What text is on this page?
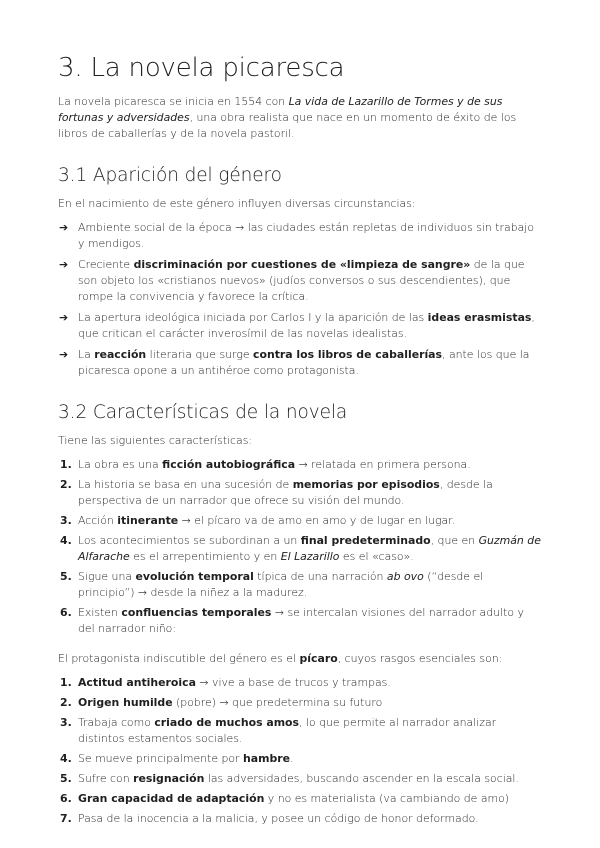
3. La novela picaresca

La novela picaresca se inicia en 1554 con La vida de Lazarillo de Tormes y de sus fortunas y adversidades, una obra realista que nace en un momento de éxito de los libros de caballerías y de la novela pastoril.

3.1 Aparición del género

En el nacimiento de este género influyen diversas circunstancias:

➔ Ambiente social de la época → las ciudades están repletas de individuos sin trabajo y mendigos.
➔ Creciente discriminación por cuestiones de «limpieza de sangre» de la que son objeto los «cristianos nuevos» (judíos conversos o sus descendientes), que rompe la convivencia y favorece la crítica.
➔ La apertura ideológica iniciada por Carlos I y la aparición de las ideas erasmistas, que critican el carácter inverosímil de las novelas idealistas.
➔ La reacción literaria que surge contra los libros de caballerías, ante los que la picaresca opone a un antihéroe como protagonista.
3.2 Características de la novela

Tiene las siguientes características:

1. La obra es una ficción autobiográfica → relatada en primera persona.
2. La historia se basa en una sucesión de memorias por episodios, desde la perspectiva de un narrador que ofrece su visión del mundo.
3. Acción itinerante → el pícaro va de amo en amo y de lugar en lugar.
4. Los acontecimientos se subordinan a un final predeterminado, que en Guzmán de Alfarache es el arrepentimiento y en El Lazarillo es el «caso».
5. Sigue una evolución temporal típica de una narración ab ovo (“desde el principio”) → desde la niñez a la madurez.
6. Existen confluencias temporales → se intercalan visiones del narrador adulto y del narrador niño:

El protagonista indiscutible del género es el pícaro, cuyos rasgos esenciales son:

1. Actitud antiheroica → vive a base de trucos y trampas.
2. Origen humilde (pobre) → que predetermina su futuro
3. Trabaja como criado de muchos amos, lo que permite al narrador analizar distintos estamentos sociales.
4. Se mueve principalmente por hambre.
5. Sufre con resignación las adversidades, buscando ascender en la escala social.
6. Gran capacidad de adaptación y no es materialista (va cambiando de amo)
7. Pasa de la inocencia a la malicia, y posee un código de honor deformado.
